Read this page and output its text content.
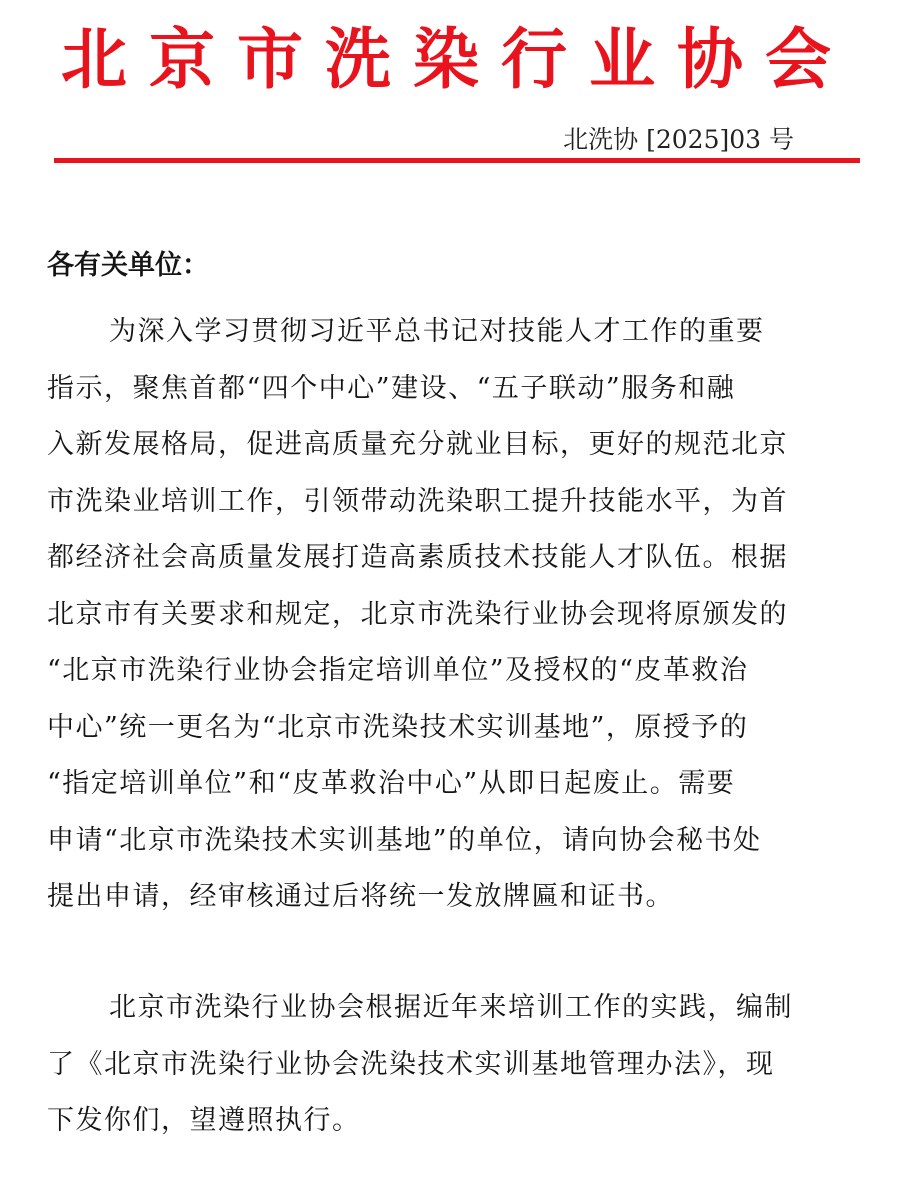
北京市洗染行业协会
北洗协 [2025]03 号
各有关单位：
为深入学习贯彻习近平总书记对技能人才工作的重要
指示，聚焦首都“四个中心”建设、“五子联动”服务和融
入新发展格局，促进高质量充分就业目标，更好的规范北京
市洗染业培训工作，引领带动洗染职工提升技能水平，为首
都经济社会高质量发展打造高素质技术技能人才队伍。根据
北京市有关要求和规定，北京市洗染行业协会现将原颁发的
“北京市洗染行业协会指定培训单位”及授权的“皮革救治
中心”统一更名为“北京市洗染技术实训基地”，原授予的
“指定培训单位”和“皮革救治中心”从即日起废止。需要
申请“北京市洗染技术实训基地”的单位，请向协会秘书处
提出申请，经审核通过后将统一发放牌匾和证书。
北京市洗染行业协会根据近年来培训工作的实践，编制
了《北京市洗染行业协会洗染技术实训基地管理办法》，现
下发你们，望遵照执行。
